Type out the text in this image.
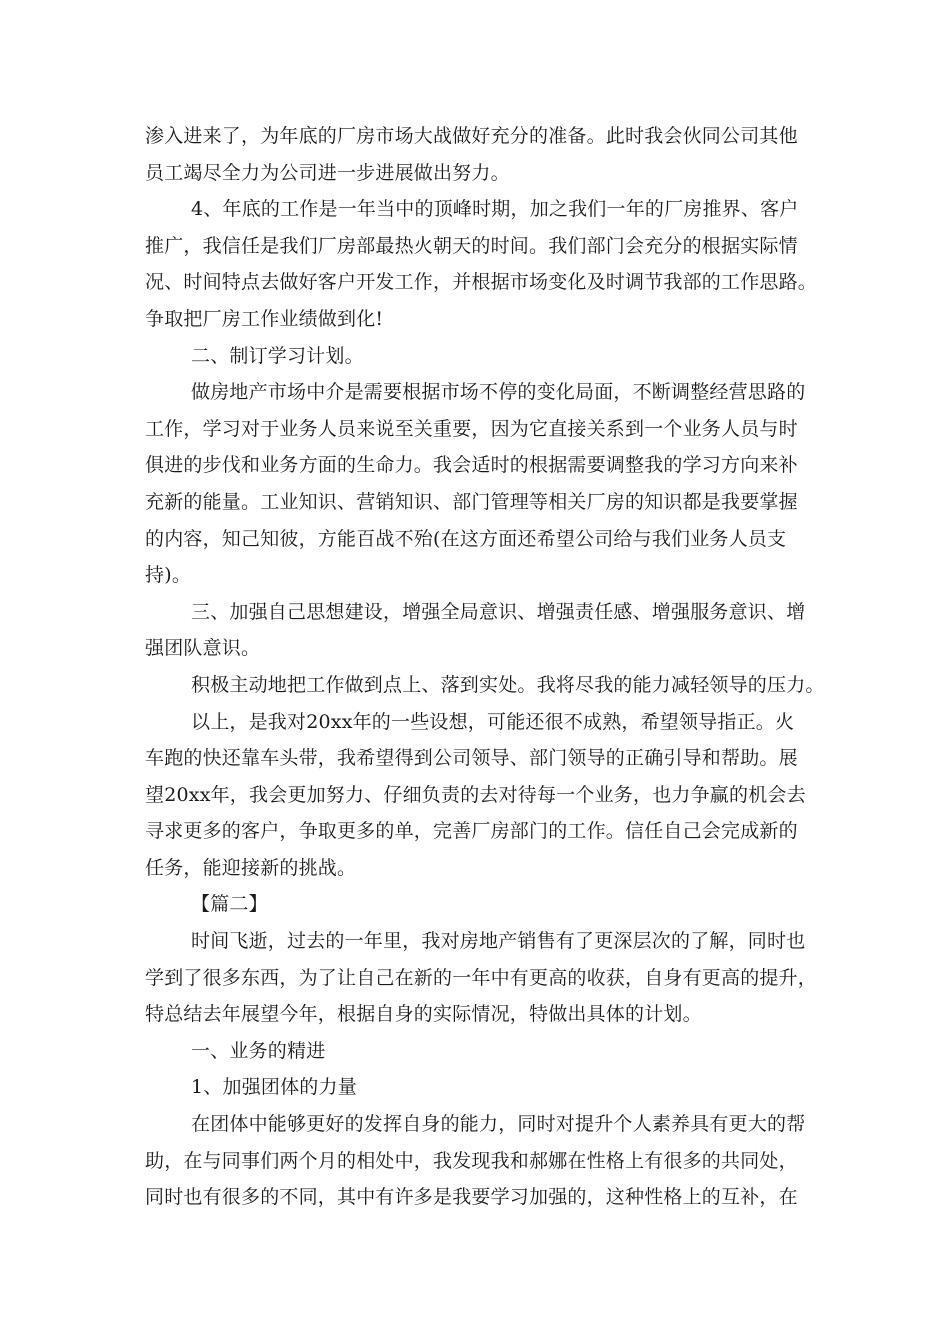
渗入进来了，为年底的厂房市场大战做好充分的准备。此时我会伙同公司其他
员工竭尽全力为公司进一步进展做出努力。
4、年底的工作是一年当中的顶峰时期，加之我们一年的厂房推界、客户
推广，我信任是我们厂房部最热火朝天的时间。我们部门会充分的根据实际情
况、时间特点去做好客户开发工作，并根据市场变化及时调节我部的工作思路。
争取把厂房工作业绩做到化!
二、制订学习计划。
做房地产市场中介是需要根据市场不停的变化局面，不断调整经营思路的
工作，学习对于业务人员来说至关重要，因为它直接关系到一个业务人员与时
俱进的步伐和业务方面的生命力。我会适时的根据需要调整我的学习方向来补
充新的能量。工业知识、营销知识、部门管理等相关厂房的知识都是我要掌握
的内容，知己知彼，方能百战不殆(在这方面还希望公司给与我们业务人员支
持)。
三、加强自己思想建设，增强全局意识、增强责任感、增强服务意识、增
强团队意识。
积极主动地把工作做到点上、落到实处。我将尽我的能力减轻领导的压力。
以上，是我对20xx年的一些设想，可能还很不成熟，希望领导指正。火
车跑的快还靠车头带，我希望得到公司领导、部门领导的正确引导和帮助。展
望20xx年，我会更加努力、仔细负责的去对待每一个业务，也力争赢的机会去
寻求更多的客户，争取更多的单，完善厂房部门的工作。信任自己会完成新的
任务，能迎接新的挑战。
【篇二】
时间飞逝，过去的一年里，我对房地产销售有了更深层次的了解，同时也
学到了很多东西，为了让自己在新的一年中有更高的收获，自身有更高的提升，
特总结去年展望今年，根据自身的实际情况，特做出具体的计划。
一、业务的精进
1、加强团体的力量
在团体中能够更好的发挥自身的能力，同时对提升个人素养具有更大的帮
助，在与同事们两个月的相处中，我发现我和郝娜在性格上有很多的共同处，
同时也有很多的不同，其中有许多是我要学习加强的，这种性格上的互补，在
